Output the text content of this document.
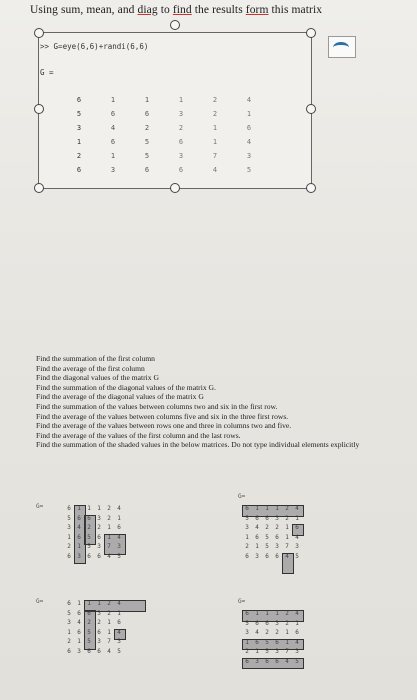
Using sum, mean, and diag to find the results form this matrix
>> G=eye(6,6)+randi(6,6)
G =
6	1	1	1	2	4
5	6	6	3	2	1
3	4	2	2	1	6
1	6	5	6	1	4
2	1	5	3	7	3
6	3	6	6	4	5
Find the summation of the first column
Find the average of the first column
Find the diagonal values of the matrix G
Find the summation of the diagonal values of the matrix G.
Find the average of the diagonal values of the matrix G
Find the summation of the values between columns two and six in the first row.
Find the average of the values between columns five and six in the three first rows.
Find the average of the values between rows one and three in columns two and five.
Find the average of the values of the first column and the last rows.
Find the summation of the shaded values in the below matrices. Do not type individual elements explicitly
G=	6	1	1	1	2	4
5	6	6	3	2	1
3	4	2	2	1	6
1	6	5	6	1	4
2	1	5	3	7	3
6	3	6	6	4	5
G=
6	1	1	1	2	4
5	6	6	3	2	1
3	4	2	2	1	6
1	6	5	6	1	4
2	1	5	3	7	3
6	3	6	6	4	5
G=	6	1	1	1	2	4
5	6	6	3	2	1
3	4	2	2	1	6
1	6	5	6	1	4
2	1	5	3	7	3
6	3	6	6	4	5
G=
6	1	1	1	2	4
5	6	6	3	2	1
3	4	2	2	1	6
1	6	5	6	1	4
2	1	5	3	7	3
6	3	6	6	4	5
